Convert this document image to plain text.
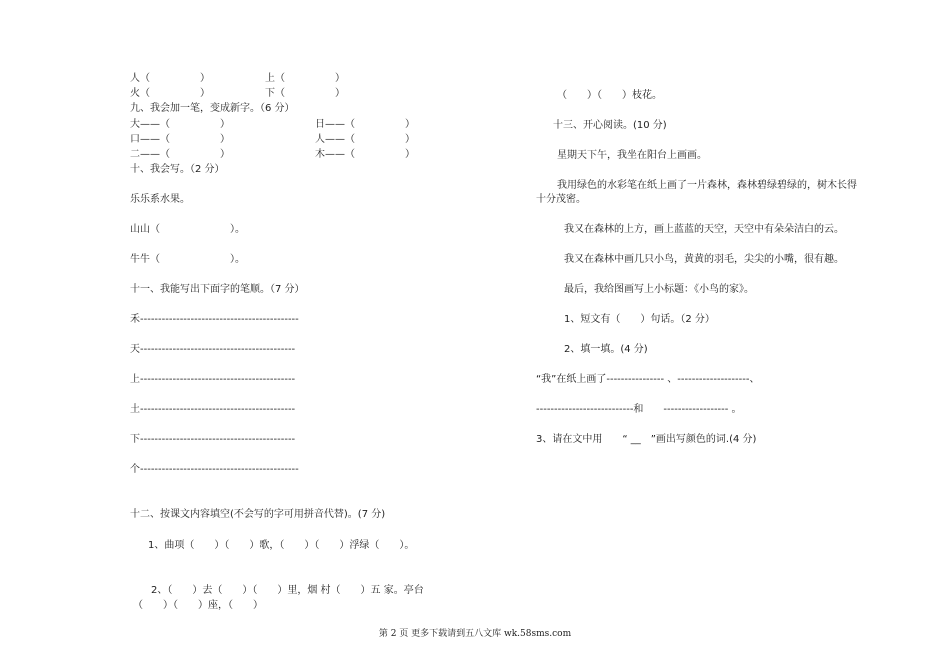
人（　　　　　）	上（　　　　　）
火（　　　　　）	下（　　　　　）
九、我会加一笔，变成新字。（6 分）
大——（　　　　　）	日——（　　　　　）
口——（　　　　　）	人——（　　　　　）
二——（　　　　　）	木——（　　　　　）
十、我会写。（2 分）
乐乐系水果。
山山（　　　　　　　）。
牛牛（　　　　　　　）。
十一、我能写出下面字的笔顺。（7 分）
禾--------------------------------------------
天-------------------------------------------
上-------------------------------------------
土-------------------------------------------
下-------------------------------------------
个--------------------------------------------
十二、按课文内容填空(不会写的字可用拼音代替)。(7 分)
1、曲项（　　）（　　）歌，（　　）（　　）浮绿（　　）。
2、（　　）去（　　）（　　）里，烟 村（　　）五 家。亭台
（　　）（　　）座，（　　）
（　　）（　　）枝花。
十三、开心阅读。(10 分)
星期天下午，我坐在阳台上画画。
我用绿色的水彩笔在纸上画了一片森林，森林碧绿碧绿的，树木长得
十分茂密。
我又在森林的上方，画上蓝蓝的天空，天空中有朵朵洁白的云。
我又在森林中画几只小鸟，黄黄的羽毛，尖尖的小嘴，很有趣。
最后，我给图画写上小标题：《小鸟的家》。
1、短文有（　　）句话。（2 分）
2、填一填。(4 分)
“我”在纸上画了---------------- 、--------------------、
---------------------------和　　------------------ 。
3、请在文中用　　“ __　”画出写颜色的词.(4 分)
第 2 页 更多下载请到五八文库 wk.58sms.com
